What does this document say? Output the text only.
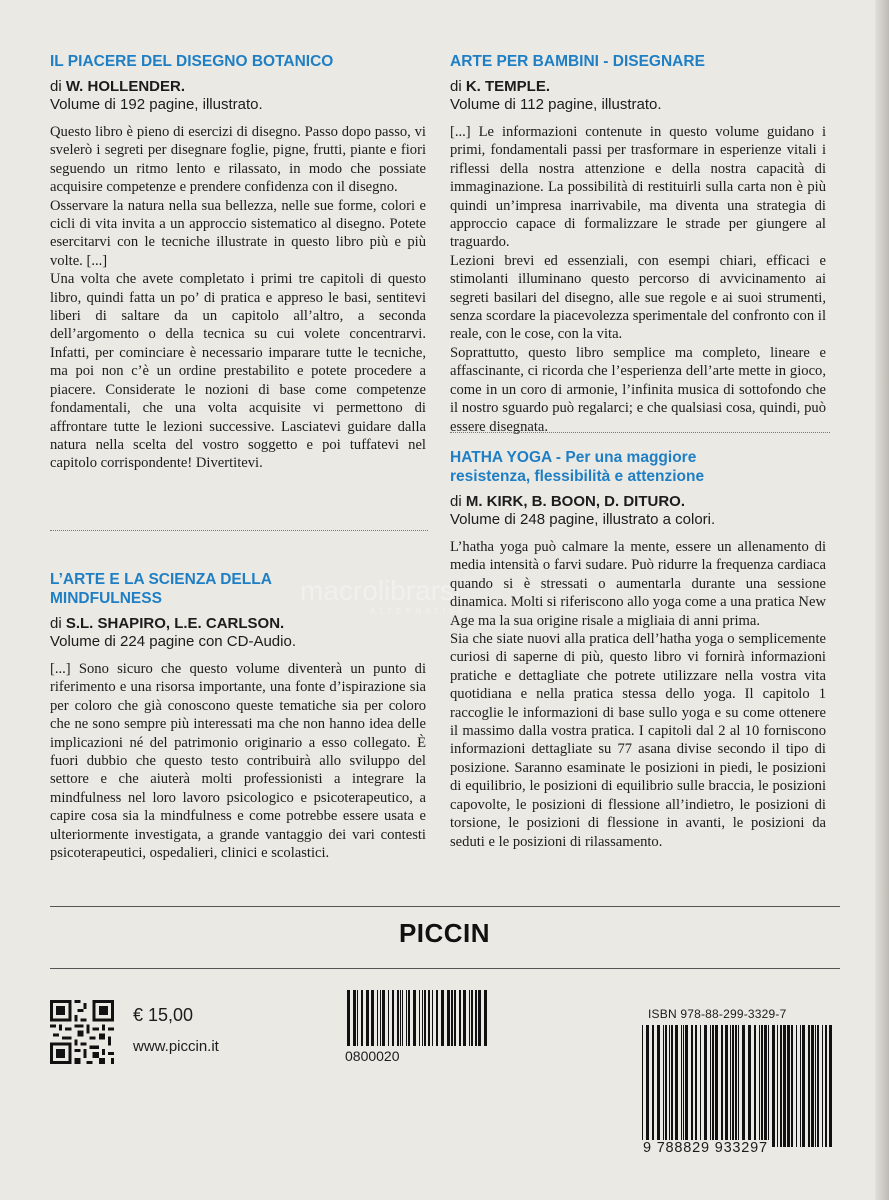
IL PIACERE DEL DISEGNO BOTANICO
di W. HOLLENDER.
Volume di 192 pagine, illustrato.

Questo libro è pieno di esercizi di disegno. Passo dopo passo, vi svelerò i segreti per disegnare foglie, pigne, frutti, piante e fiori seguendo un ritmo lento e rilassato, in modo che possiate acquisire competenze e prendere confidenza con il disegno.

Osservare la natura nella sua bellezza, nelle sue forme, colori e cicli di vita invita a un approccio sistematico al disegno. Potete esercitarvi con le tecniche illustrate in questo libro più e più volte. [...]

Una volta che avete completato i primi tre capitoli di questo libro, quindi fatta un po’ di pratica e appreso le basi, sentitevi liberi di saltare da un capitolo all’altro, a seconda dell’argomento o della tecnica su cui volete concentrarvi. Infatti, per cominciare è necessario imparare tutte le tecniche, ma poi non c’è un ordine prestabilito e potete procedere a piacere. Considerate le nozioni di base come competenze fondamentali, che una volta acquisite vi permettono di affrontare tutte le lezioni successive. Lasciatevi guidare dalla natura nella scelta del vostro soggetto e poi tuffatevi nel capitolo corrispondente! Divertitevi.

L’ARTE E LA SCIENZA DELLA
MINDFULNESS
di S.L. SHAPIRO, L.E. CARLSON.
Volume di 224 pagine con CD-Audio.

[...] Sono sicuro che questo volume diventerà un punto di riferimento e una risorsa importante, una fonte d’ispirazione sia per coloro che già conoscono queste tematiche sia per coloro che ne sono sempre più interessati ma che non hanno idea delle implicazioni né del patrimonio originario a esso collegato. È fuori dubbio che questo testo contribuirà allo sviluppo del settore e che aiuterà molti professionisti a integrare la mindfulness nel loro lavoro psicologico e psicoterapeutico, a capire cosa sia la mindfulness e come potrebbe essere usata e ulteriormente investigata, a grande vantaggio dei vari contesti psicoterapeutici, ospedalieri, clinici e scolastici.

ARTE PER BAMBINI - DISEGNARE
di K. TEMPLE.
Volume di 112 pagine, illustrato.

[...] Le informazioni contenute in questo volume guidano i primi, fondamentali passi per trasformare in esperienze vitali i riflessi della nostra attenzione e della nostra capacità di immaginazione. La possibilità di restituirli sulla carta non è più quindi un’impresa inarrivabile, ma diventa una strategia di approccio capace di formalizzare le strade per giungere al traguardo.

Lezioni brevi ed essenziali, con esempi chiari, efficaci e stimolanti illuminano questo percorso di avvicinamento ai segreti basilari del disegno, alle sue regole e ai suoi strumenti, senza scordare la piacevolezza sperimentale del confronto con il reale, con le cose, con la vita.

Soprattutto, questo libro semplice ma completo, lineare e affascinante, ci ricorda che l’esperienza dell’arte mette in gioco, come in un coro di armonie, l’infinita musica di sottofondo che il nostro sguardo può regalarci; e che qualsiasi cosa, quindi, può essere disegnata.

HATHA YOGA - Per una maggiore
resistenza, flessibilità e attenzione
di M. KIRK, B. BOON, D. DITURO.
Volume di 248 pagine, illustrato a colori.

L’hatha yoga può calmare la mente, essere un allenamento di media intensità o farvi sudare. Può ridurre la frequenza cardiaca quando si è stressati o aumentarla durante una sessione dinamica. Molti si riferiscono allo yoga come a una pratica New Age ma la sua origine risale a migliaia di anni prima.

Sia che siate nuovi alla pratica dell’hatha yoga o semplicemente curiosi di saperne di più, questo libro vi fornirà informazioni pratiche e dettagliate che potrete utilizzare nella vostra vita quotidiana e nella pratica stessa dello yoga. Il capitolo 1 raccoglie le informazioni di base sullo yoga e su come ottenere il massimo dalla vostra pratica. I capitoli dal 2 al 10 forniscono informazioni dettagliate su 77 asana divise secondo il tipo di posizione. Saranno esaminate le posizioni in piedi, le posizioni di equilibrio, le posizioni di equilibrio sulle braccia, le posizioni capovolte, le posizioni di flessione all’indietro, le posizioni di torsione, le posizioni di flessione in avanti, le posizioni da seduti e le posizioni di rilassamento.

macrolibrarsi
ALTERNATIVA
PICCIN
€ 15,00
www.piccin.it
0800020
ISBN 978-88-299-3329-7
9 788829 933297
